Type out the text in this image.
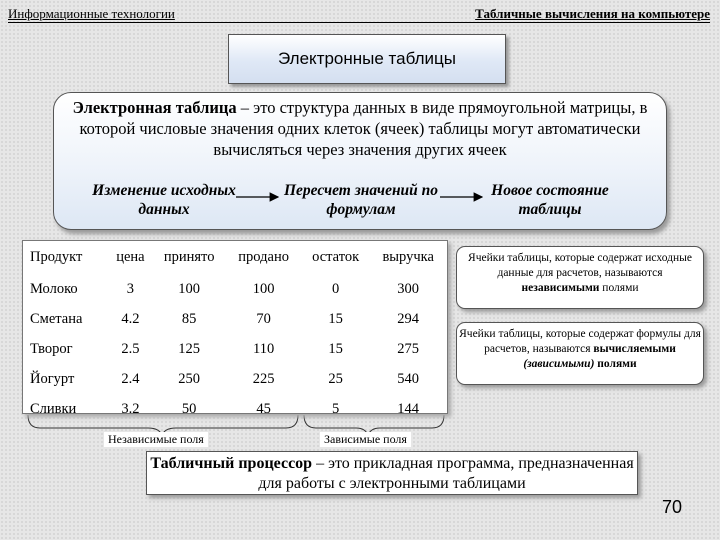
Информационные технологии	Табличные вычисления на компьютере
Электронные таблицы
Электронная таблица – это структура данных в виде прямоугольной матрицы, в которой числовые значения одних клеток (ячеек) таблицы могут автоматически вычисляться через значения других ячеек
Изменение исходных данных
Пересчет значений по формулам
Новое состояние таблицы
Продукт	цена	принято	продано	остаток	выручка
Молоко	3	100	100	0	300
Сметана	4.2	85	70	15	294
Творог	2.5	125	110	15	275
Йогурт	2.4	250	225	25	540
Сливки	3.2	50	45	5	144
Ячейки таблицы, которые содержат исходные данные для расчетов, называются независимыми полями
Ячейки таблицы, которые содержат формулы для расчетов, называются вычисляемыми (зависимыми) полями
Независимые поля	Зависимые поля
Табличный процессор – это прикладная программа, предназначенная для работы с электронными таблицами
70
